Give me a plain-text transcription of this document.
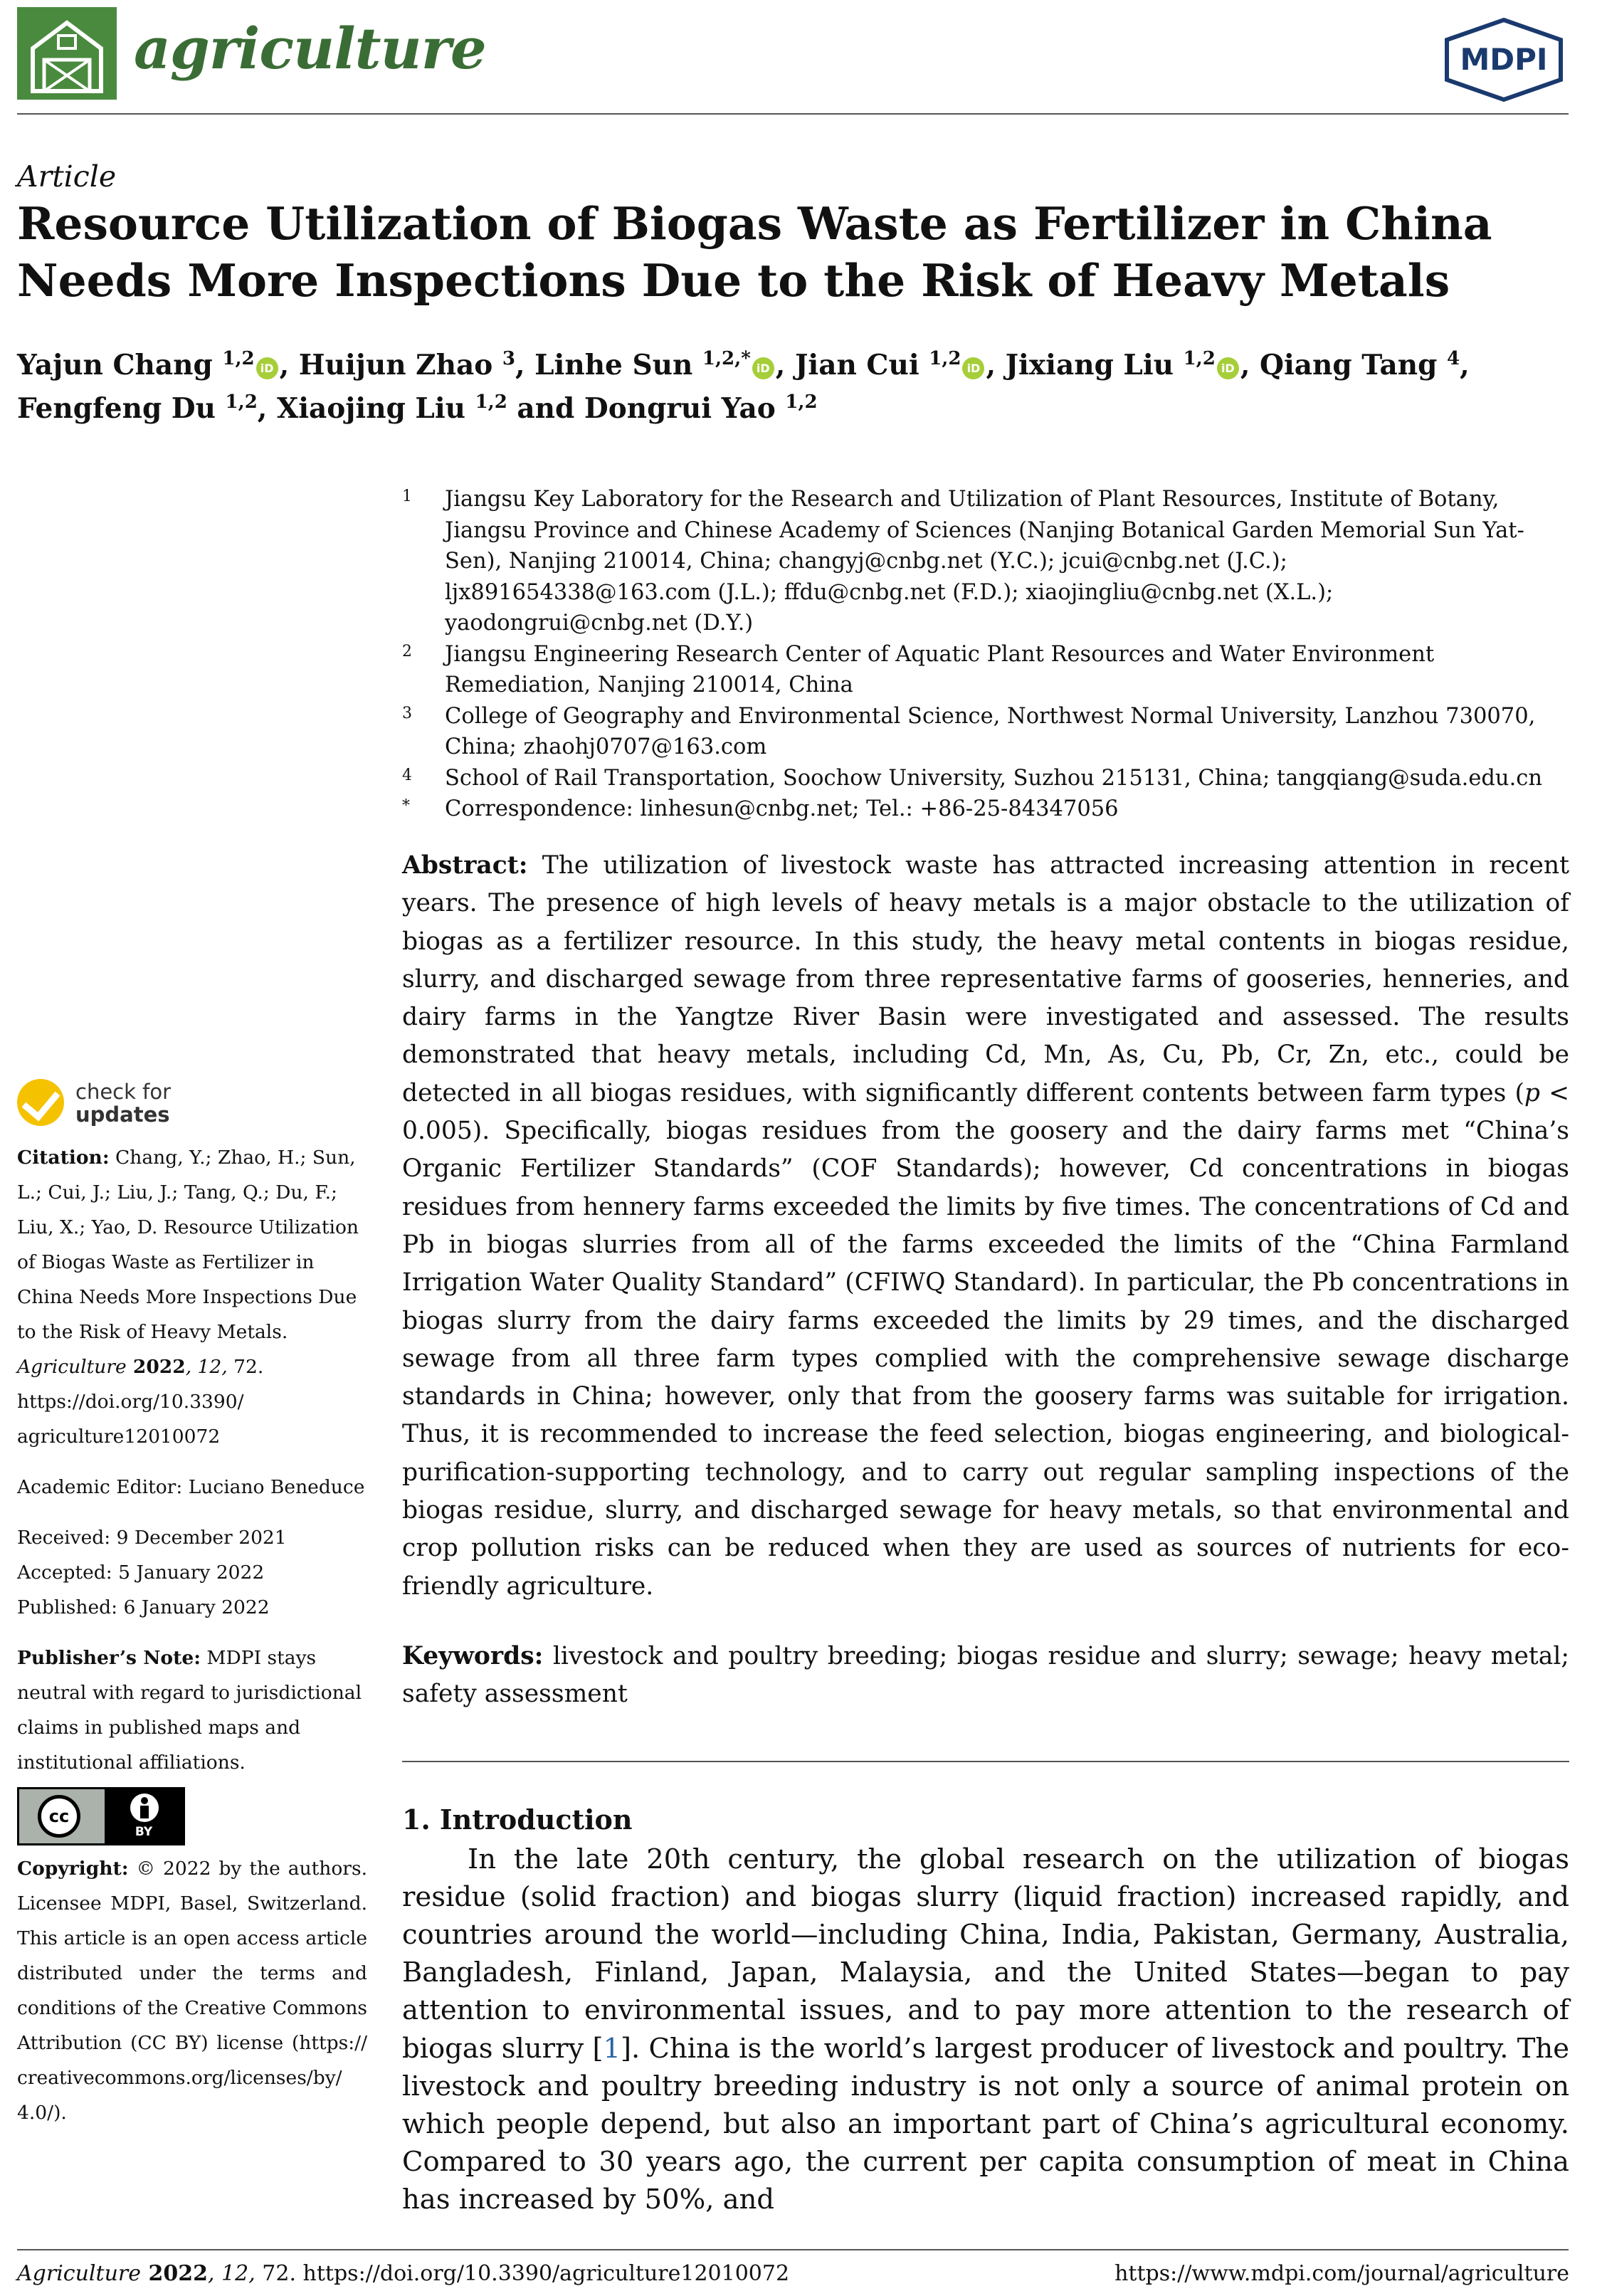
agriculture	MDPI
Article
Resource Utilization of Biogas Waste as Fertilizer in China Needs More Inspections Due to the Risk of Heavy Metals
Yajun Chang $^{1,2}$ iD , Huijun Zhao $^3$, Linhe Sun $^{1,2,*}$ iD , Jian Cui $^{1,2}$ iD , Jixiang Liu $^{1,2}$ iD , Qiang Tang $^4$, Fengfeng Du $^{1,2}$, Xiaojing Liu $^{1,2}$ and Dongrui Yao $^{1,2}$
1 Jiangsu Key Laboratory for the Research and Utilization of Plant Resources, Institute of Botany, Jiangsu Province and Chinese Academy of Sciences (Nanjing Botanical Garden Memorial Sun Yat-Sen), Nanjing 210014, China; changyj@cnbg.net (Y.C.); jcui@cnbg.net (J.C.); ljx891654338@163.com (J.L.); ffdu@cnbg.net (F.D.); xiaojingliu@cnbg.net (X.L.); yaodongrui@cnbg.net (D.Y.)
2 Jiangsu Engineering Research Center of Aquatic Plant Resources and Water Environment Remediation, Nanjing 210014, China
3 College of Geography and Environmental Science, Northwest Normal University, Lanzhou 730070, China; zhaohj0707@163.com
4 School of Rail Transportation, Soochow University, Suzhou 215131, China; tangqiang@suda.edu.cn
* Correspondence: linhesun@cnbg.net; Tel.: +86-25-84347056
check for
updates

Citation: Chang, Y.; Zhao, H.; Sun, L.; Cui, J.; Liu, J.; Tang, Q.; Du, F.; Liu, X.; Yao, D. Resource Utilization of Biogas Waste as Fertilizer in China Needs More Inspections Due to the Risk of Heavy Metals. Agriculture 2022, 12, 72. https://doi.org/10.3390/ agriculture12010072

Academic Editor: Luciano Beneduce

Received: 9 December 2021

Accepted: 5 January 2022

Published: 6 January 2022

Publisher’s Note: MDPI stays neutral with regard to jurisdictional claims in published maps and institutional affiliations.

cc
BY

Copyright: © 2022 by the authors. Licensee MDPI, Basel, Switzerland. This article is an open access article distributed under the terms and conditions of the Creative Commons Attribution (CC BY) license (https:// creativecommons.org/licenses/by/ 4.0/).

Abstract: The utilization of livestock waste has attracted increasing attention in recent years. The presence of high levels of heavy metals is a major obstacle to the utilization of biogas as a fertilizer resource. In this study, the heavy metal contents in biogas residue, slurry, and discharged sewage from three representative farms of gooseries, henneries, and dairy farms in the Yangtze River Basin were investigated and assessed. The results demonstrated that heavy metals, including Cd, Mn, As, Cu, Pb, Cr, Zn, etc., could be detected in all biogas residues, with significantly different contents between farm types (p < 0.005). Specifically, biogas residues from the goosery and the dairy farms met “China’s Organic Fertilizer Standards” (COF Standards); however, Cd concentrations in biogas residues from hennery farms exceeded the limits by five times. The concentrations of Cd and Pb in biogas slurries from all of the farms exceeded the limits of the “China Farmland Irrigation Water Quality Standard” (CFIWQ Standard). In particular, the Pb concentrations in biogas slurry from the dairy farms exceeded the limits by 29 times, and the discharged sewage from all three farm types complied with the comprehensive sewage discharge standards in China; however, only that from the goosery farms was suitable for irrigation. Thus, it is recommended to increase the feed selection, biogas engineering, and biological-purification-supporting technology, and to carry out regular sampling inspections of the biogas residue, slurry, and discharged sewage for heavy metals, so that environmental and crop pollution risks can be reduced when they are used as sources of nutrients for eco-friendly agriculture.

Keywords: livestock and poultry breeding; biogas residue and slurry; sewage; heavy metal; safety assessment

1. Introduction

In the late 20th century, the global research on the utilization of biogas residue (solid fraction) and biogas slurry (liquid fraction) increased rapidly, and countries around the world—including China, India, Pakistan, Germany, Australia, Bangladesh, Finland, Japan, Malaysia, and the United States—began to pay attention to environmental issues, and to pay more attention to the research of biogas slurry [1]. China is the world’s largest producer of livestock and poultry. The livestock and poultry breeding industry is not only a source of animal protein on which people depend, but also an important part of China’s agricultural economy. Compared to 30 years ago, the current per capita consumption of meat in China has increased by 50%, and

Agriculture 2022, 12, 72. https://doi.org/10.3390/agriculture12010072	https://www.mdpi.com/journal/agriculture
